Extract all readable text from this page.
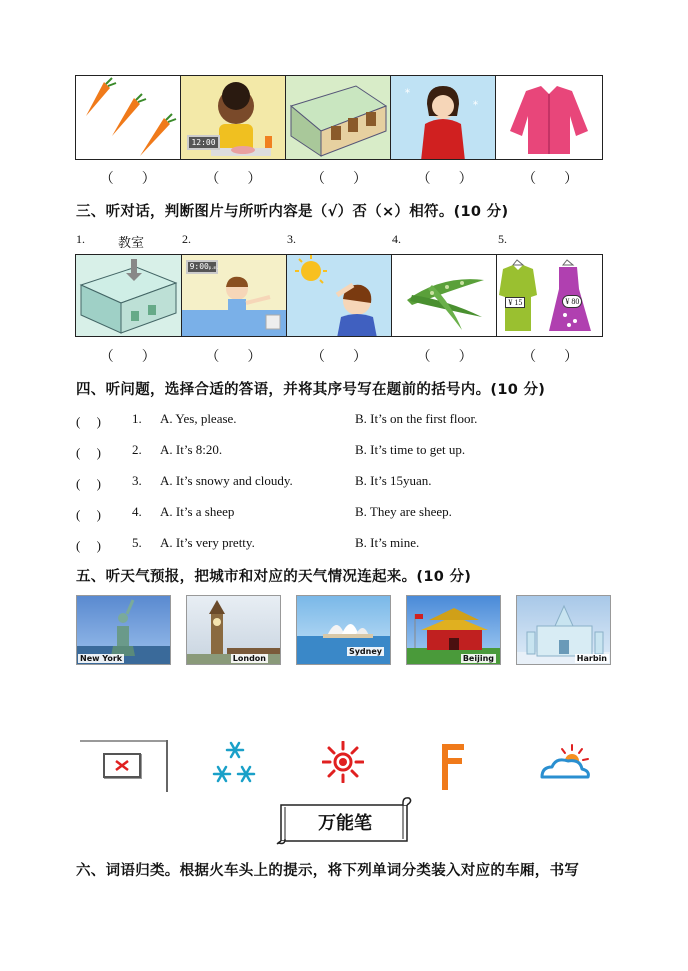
12:00
*
*
（　　）	（　　）	（　　）	（　　）	（　　）
三、听对话，判断图片与所听内容是（√）否（×）相符。(10 分)
1.	教室	2.	3.	4.	5.
9:00p.m.
¥ 15	¥ 80
（　　）	（　　）	（　　）	（　　）	（　　）
四、听问题，选择合适的答语，并将其序号写在题前的括号内。(10 分)
(　 ) 1. A. Yes, please.	B. It’s on the first floor.
(　 ) 2. A. It’s 8:20.	B. It’s time to get up.
(　 ) 3. A. It’s snowy and cloudy.	B. It’s 15yuan.
(　 ) 4. A. It’s a sheep	B. They are sheep.
(　 ) 5. A. It’s very pretty.	B. It’s mine.
五、听天气预报，把城市和对应的天气情况连起来。(10 分)
New York	London
Sydney
Beijing	Harbin
万能笔
六、词语归类。根据火车头上的提示，将下列单词分类装入对应的车厢，书写
